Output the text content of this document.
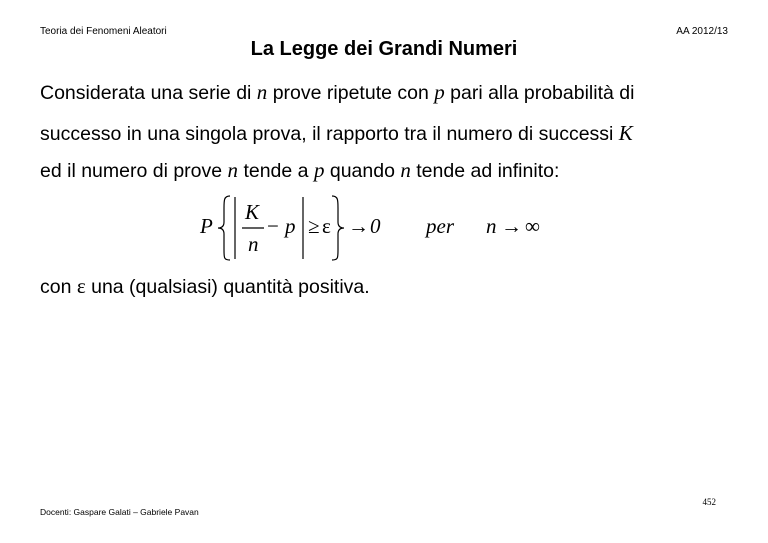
Teoria dei Fenomeni Aleatori	AA 2012/13
La Legge dei Grandi Numeri
Considerata una serie di n prove ripetute con p pari alla probabilità di
successo in una singola prova, il rapporto tra il numero di successi K
ed il numero di prove n tende a p quando n tende ad infinito:
P
K
n
− p ≥ ε → 0 per n → ∞
con ε una (qualsiasi) quantità positiva.
Docenti: Gaspare Galati – Gabriele Pavan
452
